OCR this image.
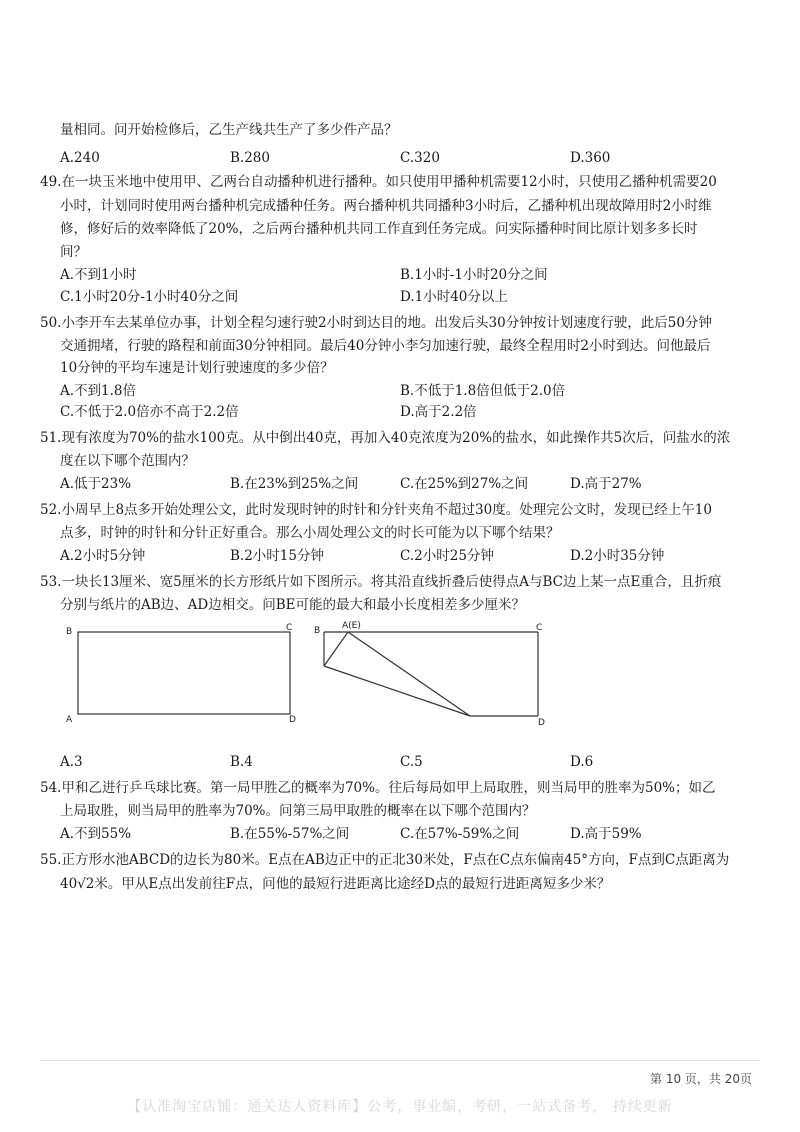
量相同。问开始检修后，乙生产线共生产了多少件产品？
A.240	B.280	C.320	D.360
49.在一块玉米地中使用甲、乙两台自动播种机进行播种。如只使用甲播种机需要12小时，只使用乙播种机需要20
小时，计划同时使用两台播种机完成播种任务。两台播种机共同播种3小时后，乙播种机出现故障用时2小时维
修，修好后的效率降低了20%，之后两台播种机共同工作直到任务完成。问实际播种时间比原计划多多长时
间？
A.不到1小时	B.1小时-1小时20分之间
C.1小时20分-1小时40分之间	D.1小时40分以上
50.小李开车去某单位办事，计划全程匀速行驶2小时到达目的地。出发后头30分钟按计划速度行驶，此后50分钟
交通拥堵，行驶的路程和前面30分钟相同。最后40分钟小李匀加速行驶，最终全程用时2小时到达。问他最后
10分钟的平均车速是计划行驶速度的多少倍？
A.不到1.8倍	B.不低于1.8倍但低于2.0倍
C.不低于2.0倍亦不高于2.2倍	D.高于2.2倍
51.现有浓度为70%的盐水100克。从中倒出40克，再加入40克浓度为20%的盐水，如此操作共5次后，问盐水的浓
度在以下哪个范围内？
A.低于23%	B.在23%到25%之间	C.在25%到27%之间	D.高于27%
52.小周早上8点多开始处理公文，此时发现时钟的时针和分针夹角不超过30度。处理完公文时，发现已经上午10
点多，时钟的时针和分针正好重合。那么小周处理公文的时长可能为以下哪个结果？
A.2小时5分钟	B.2小时15分钟	C.2小时25分钟	D.2小时35分钟
53.一块长13厘米、宽5厘米的长方形纸片如下图所示。将其沿直线折叠后使得点A与BC边上某一点E重合，且折痕
分别与纸片的AB边、AD边相交。问BE可能的最大和最小长度相差多少厘米？
B	C
A	D
B A(E)	C
D
A.3	B.4	C.5	D.6
54.甲和乙进行乒乓球比赛。第一局甲胜乙的概率为70%。往后每局如甲上局取胜，则当局甲的胜率为50%；如乙
上局取胜，则当局甲的胜率为70%。问第三局甲取胜的概率在以下哪个范围内？
A.不到55%	B.在55%-57%之间	C.在57%-59%之间	D.高于59%
55.正方形水池ABCD的边长为80米。E点在AB边正中的正北30米处，F点在C点东偏南45°方向，F点到C点距离为
40√2米。甲从E点出发前往F点，问他的最短行进距离比途经D点的最短行进距离短多少米？
第 10 页，共 20页
【认准淘宝店铺：通关达人资料库】公考，事业编，考研，一站式备考， 持续更新
